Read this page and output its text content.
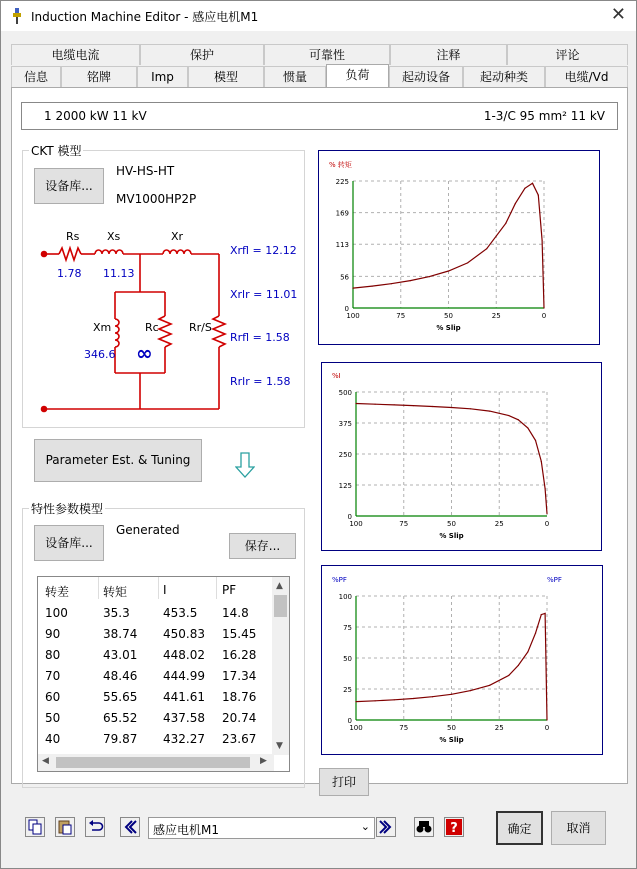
Induction Machine Editor - 感应电机M1	✕
电缆电流	保护	可靠性	注释	评论
信息	铭牌	Imp	模型	惯量	负荷	起动设备	起动种类	电缆/Vd
1 2000 kW 11 kV	1-3/C 95 mm² 11 kV
CKT 模型
设备库...
HV-HS-HT
MV1000HP2P
Rs	Xs	Xr
Xm	Rc	Rr/S
1.78 11.13
346.6 ∞
Xrfl = 12.12
Xrlr = 11.01
Rrfl = 1.58
Rrlr = 1.58
Parameter Est. & Tuning
特性参数模型
设备库...
Generated
保存...
转差	转矩	I	PF
100	35.3	453.5 14.8
90	38.74 450.83 15.45
80	43.01 448.02 16.28
70	48.46 444.99 17.34
60	55.65 441.61 18.76
50	65.52 437.58 20.74
40	79.87 432.27 23.67
▲
▼
◀	▶
0
56
113
169
225
100	75	50	25	0
% 转矩
% Slip
0
125
250
375
500
100	75	50	25	0
%I
% Slip
0
25
50
75
100
100	75	50	25	0
%PF	%PF
% Slip
打印
感应电机M1	⌄	?	确定	取消
